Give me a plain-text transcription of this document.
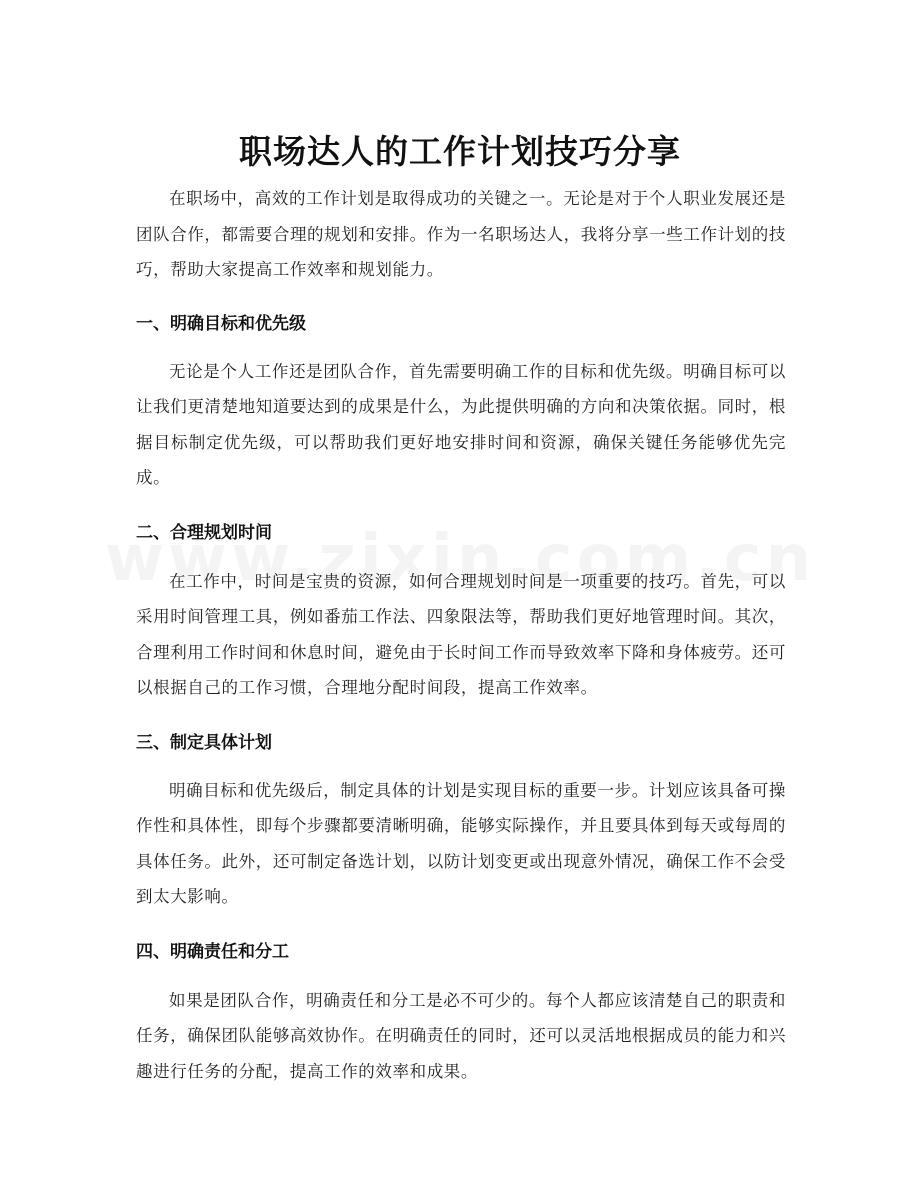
职场达人的工作计划技巧分享

在职场中，高效的工作计划是取得成功的关键之一。无论是对于个人职业发展还是团队合作，都需要合理的规划和安排。作为一名职场达人，我将分享一些工作计划的技巧，帮助大家提高工作效率和规划能力。

一、明确目标和优先级

无论是个人工作还是团队合作，首先需要明确工作的目标和优先级。明确目标可以让我们更清楚地知道要达到的成果是什么，为此提供明确的方向和决策依据。同时，根据目标制定优先级，可以帮助我们更好地安排时间和资源，确保关键任务能够优先完成。

二、合理规划时间

在工作中，时间是宝贵的资源，如何合理规划时间是一项重要的技巧。首先，可以采用时间管理工具，例如番茄工作法、四象限法等，帮助我们更好地管理时间。其次，合理利用工作时间和休息时间，避免由于长时间工作而导致效率下降和身体疲劳。还可以根据自己的工作习惯，合理地分配时间段，提高工作效率。

三、制定具体计划

明确目标和优先级后，制定具体的计划是实现目标的重要一步。计划应该具备可操作性和具体性，即每个步骤都要清晰明确，能够实际操作，并且要具体到每天或每周的具体任务。此外，还可制定备选计划，以防计划变更或出现意外情况，确保工作不会受到太大影响。

四、明确责任和分工

如果是团队合作，明确责任和分工是必不可少的。每个人都应该清楚自己的职责和任务，确保团队能够高效协作。在明确责任的同时，还可以灵活地根据成员的能力和兴趣进行任务的分配，提高工作的效率和成果。
